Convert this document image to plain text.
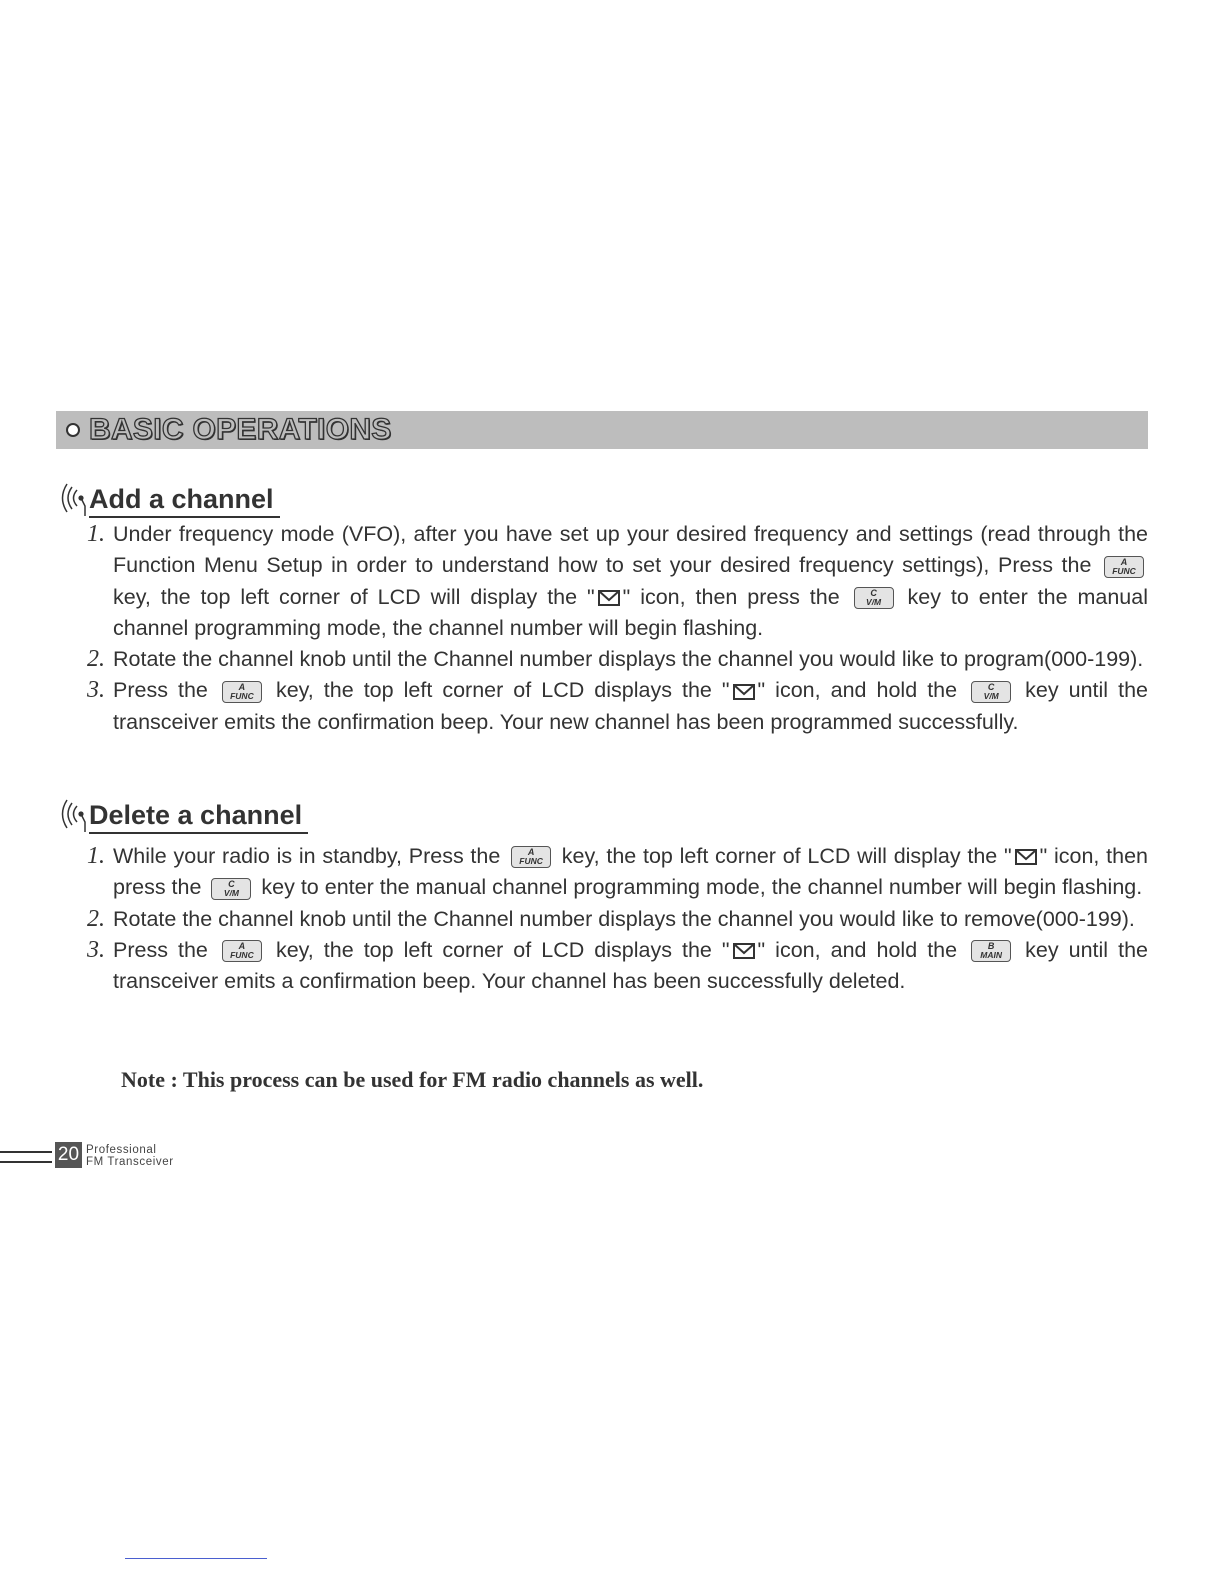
BASIC OPERATIONS
Add a channel
1. Under frequency mode (VFO), after you have set up your desired frequency and settings (read through the Function Menu Setup in order to understand how to set your desired frequency settings), Press the	A
FUNC
key, the top left corner of LCD will display the " " icon, then press the	C
V/M	key to enter the manual channel programming mode, the channel number will begin flashing.
2. Rotate the channel knob until the Channel number displays the channel you would like to program(000-199).
3. Press the	A
FUNC	key, the top left corner of LCD displays the " " icon, and hold the	C
V/M	key until the transceiver emits the confirmation beep. Your new channel has been programmed successfully.
Delete a channel
1. While your radio is in standby, Press the	A
FUNC key, the top left corner of LCD will display the " " icon, then press the	C
V/M	key to enter the manual channel programming mode, the channel number will begin flashing.
2. Rotate the channel knob until the Channel number displays the channel you would like to remove(000-199).
3. Press the	A
FUNC	key, the top left corner of LCD displays the " " icon, and hold the	B
MAIN	key until the transceiver emits a confirmation beep. Your channel has been successfully deleted.
Note : This process can be used for FM radio channels as well.
20 Professional
FM Transceiver
